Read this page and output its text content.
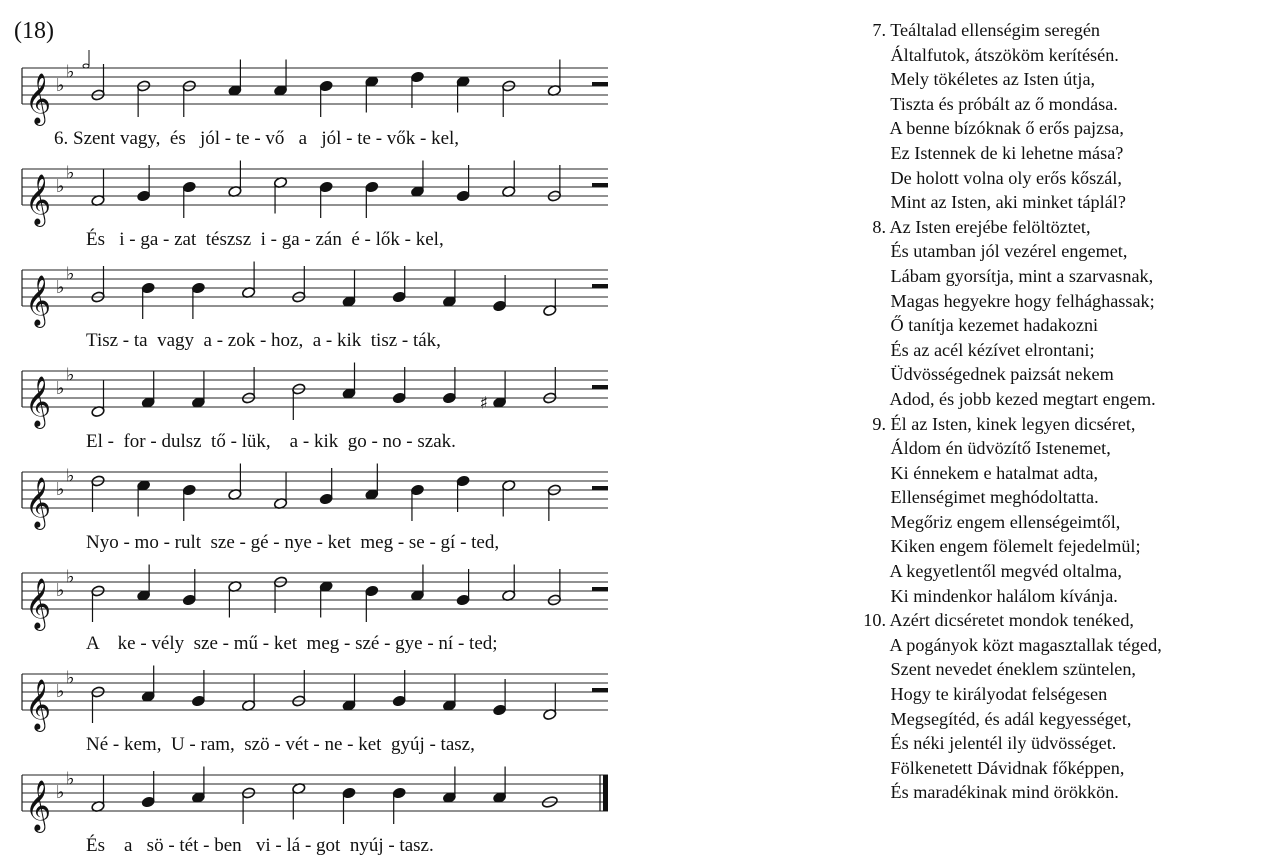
(18)
𝄞 ♭
♭
𝄞 ♭
♭
𝄞 ♭
♭
𝄞 ♭
♭
♯
𝄞 ♭
♭
𝄞 ♭
♭
𝄞 ♭
♭
𝄞 ♭
♭
6. Szent vagy,  és   jól - te - vő   a   jól - te - vők - kel,
És   i - ga - zat  tészsz  i - ga - zán  é - lők - kel,
Tisz - ta  vagy  a - zok - hoz,  a - kik  tisz - ták,
El -  for - dulsz  tő - lük,    a - kik  go - no - szak.
Nyo - mo - rult  sze - gé - nye - ket  meg - se - gí - ted,
A    ke - vély  sze - mű - ket  meg - szé - gye - ní - ted;
Né - kem,  U - ram,  szö - vét - ne - ket  gyúj - tasz,
És    a   sö - tét - ben   vi - lá - got  nyúj - tasz.
7. Teáltalad ellenségim seregén
Általfutok, átszököm kerítésén.
Mely tökéletes az Isten útja,
Tiszta és próbált az ő mondása.
A benne bízóknak ő erős pajzsa,
Ez Istennek de ki lehetne mása?
De holott volna oly erős kőszál,
Mint az Isten, aki minket táplál?
8. Az Isten erejébe felöltöztet,
És utamban jól vezérel engemet,
Lábam gyorsítja, mint a szarvasnak,
Magas hegyekre hogy felhághassak;
Ő tanítja kezemet hadakozni
És az acél kézívet elrontani;
Üdvösségednek paizsát nekem
Adod, és jobb kezed megtart engem.
9. Él az Isten, kinek legyen dicséret,
Áldom én üdvözítő Istenemet,
Ki énnekem e hatalmat adta,
Ellenségimet meghódoltatta.
Megőriz engem ellenségeimtől,
Kiken engem fölemelt fejedelmül;
A kegyetlentől megvéd oltalma,
Ki mindenkor halálom kívánja.
10. Azért dicséretet mondok tenéked,
A pogányok közt magasztallak téged,
Szent nevedet éneklem szüntelen,
Hogy te királyodat felségesen
Megsegítéd, és adál kegyességet,
És néki jelentél ily üdvösséget.
Fölkenetett Dávidnak főképpen,
És maradékinak mind örökkön.
